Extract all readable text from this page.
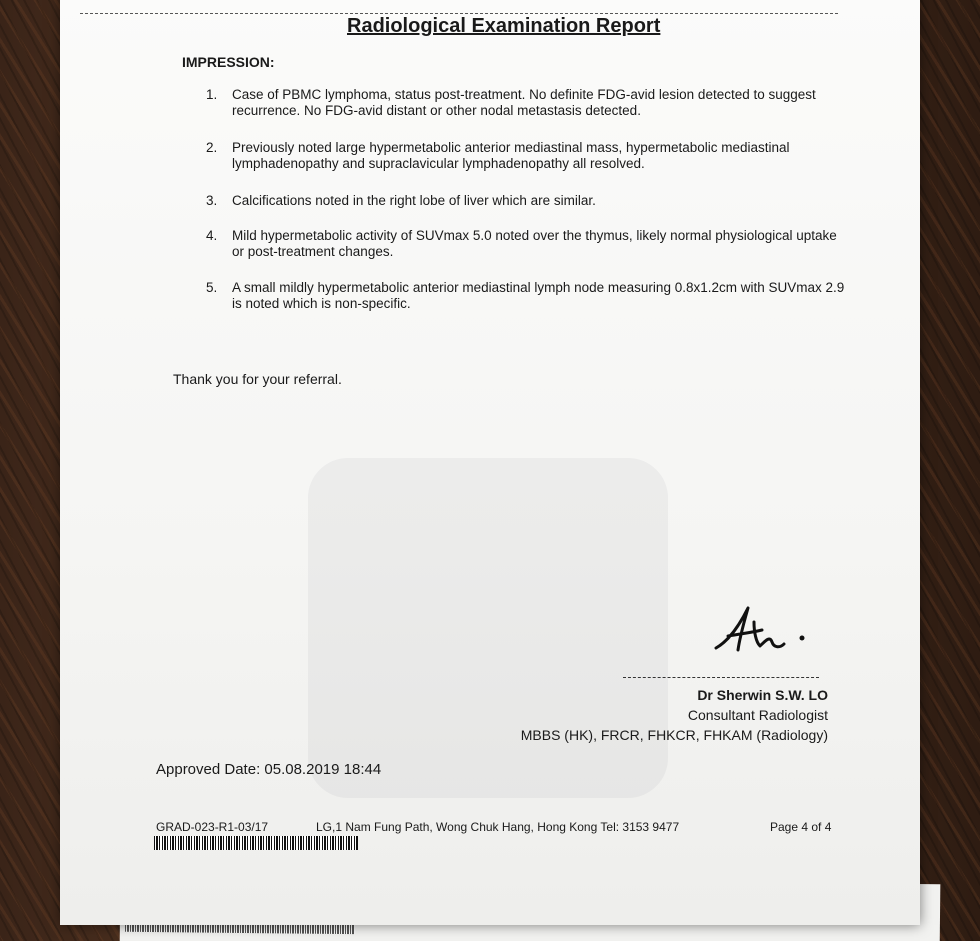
Radiological Examination Report
IMPRESSION:
1. Case of PBMC lymphoma, status post-treatment. No definite FDG-avid lesion detected to suggest recurrence. No FDG-avid distant or other nodal metastasis detected.
2. Previously noted large hypermetabolic anterior mediastinal mass, hypermetabolic mediastinal lymphadenopathy and supraclavicular lymphadenopathy all resolved.
3. Calcifications noted in the right lobe of liver which are similar.
4. Mild hypermetabolic activity of SUVmax 5.0 noted over the thymus, likely normal physiological uptake or post-treatment changes.
5. A small mildly hypermetabolic anterior mediastinal lymph node measuring 0.8x1.2cm with SUVmax 2.9 is noted which is non-specific.
Thank you for your referral.
Dr Sherwin S.W. LO
Consultant Radiologist
MBBS (HK), FRCR, FHKCR, FHKAM (Radiology)
Approved Date: 05.08.2019 18:44
GRAD-023-R1-03/17	LG,1 Nam Fung Path, Wong Chuk Hang, Hong Kong Tel: 3153 9477	Page 4 of 4
